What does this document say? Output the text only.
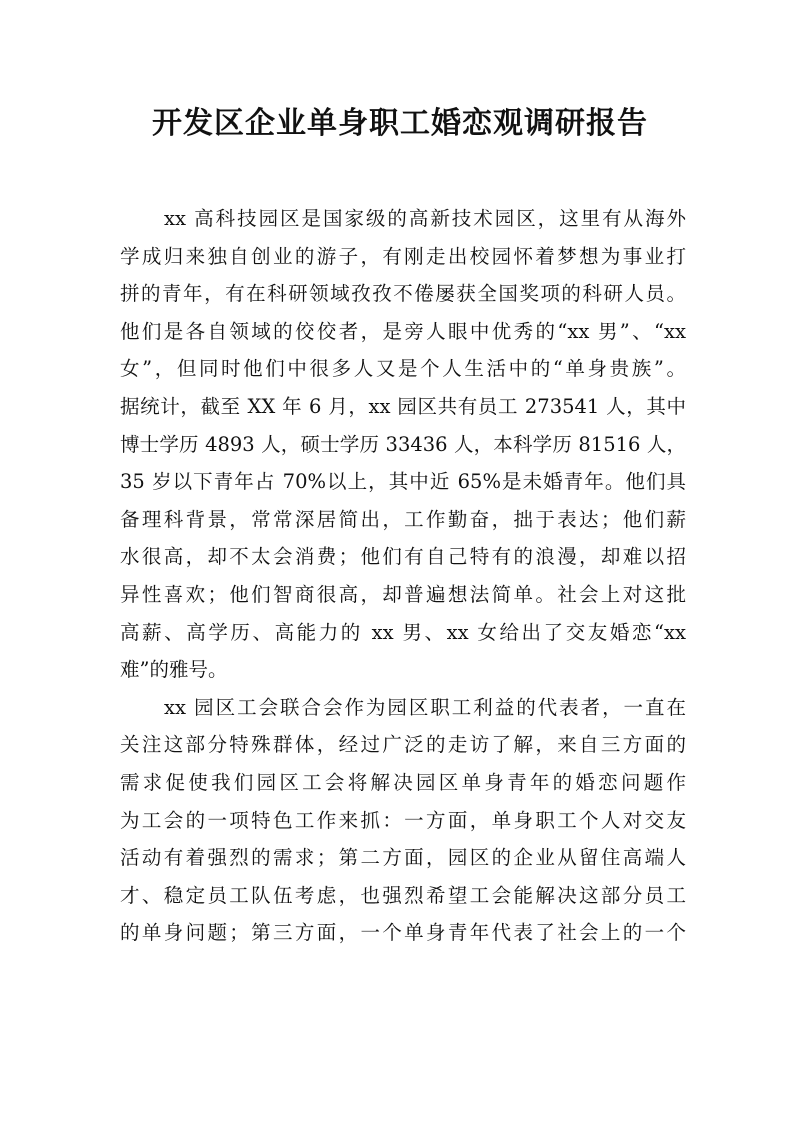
开发区企业单身职工婚恋观调研报告
xx 高科技园区是国家级的高新技术园区，这里有从海外
学成归来独自创业的游子，有刚走出校园怀着梦想为事业打
拼的青年，有在科研领域孜孜不倦屡获全国奖项的科研人员。
他们是各自领域的佼佼者，是旁人眼中优秀的“xx 男”、“xx
女”，但同时他们中很多人又是个人生活中的“单身贵族”。
据统计，截至 XX 年 6 月，xx 园区共有员工 273541 人，其中
博士学历 4893 人，硕士学历 33436 人，本科学历 81516 人，
35 岁以下青年占 70%以上，其中近 65%是未婚青年。他们具
备理科背景，常常深居简出，工作勤奋，拙于表达；他们薪
水很高，却不太会消费；他们有自己特有的浪漫，却难以招
异性喜欢；他们智商很高，却普遍想法简单。社会上对这批
高薪、高学历、高能力的 xx 男、xx 女给出了交友婚恋“xx
难”的雅号。
xx 园区工会联合会作为园区职工利益的代表者，一直在
关注这部分特殊群体，经过广泛的走访了解，来自三方面的
需求促使我们园区工会将解决园区单身青年的婚恋问题作
为工会的一项特色工作来抓：一方面，单身职工个人对交友
活动有着强烈的需求；第二方面，园区的企业从留住高端人
才、稳定员工队伍考虑，也强烈希望工会能解决这部分员工
的单身问题；第三方面，一个单身青年代表了社会上的一个
